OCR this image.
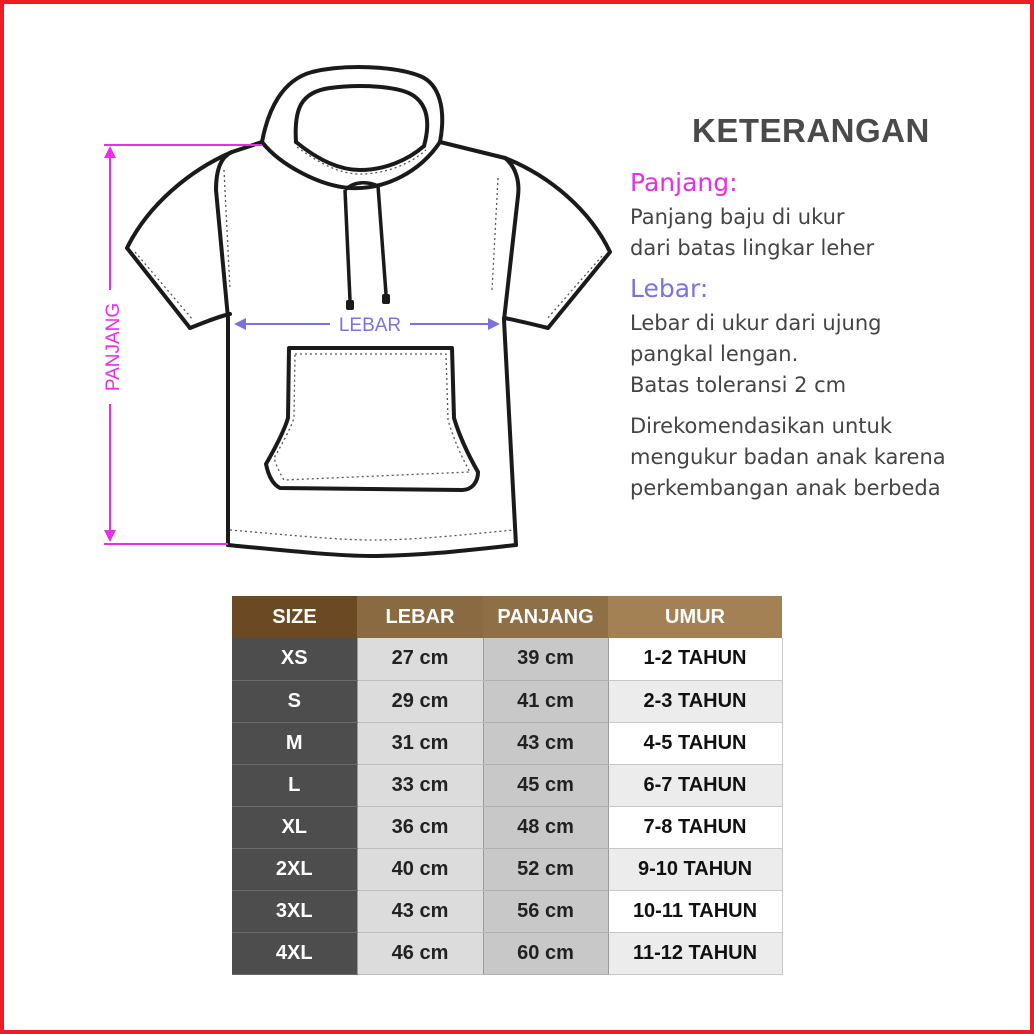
LEBAR
PANJANG
KETERANGAN
Panjang:
Panjang baju di ukur
dari batas lingkar leher
Lebar:
Lebar di ukur dari ujung
pangkal lengan.
Batas toleransi 2 cm
Direkomendasikan untuk
mengukur badan anak karena
perkembangan anak berbeda
SIZE	LEBAR	PANJANG	UMUR
XS	27 cm	39 cm	1-2 TAHUN
S	29 cm	41 cm	2-3 TAHUN
M	31 cm	43 cm	4-5 TAHUN
L	33 cm	45 cm	6-7 TAHUN
XL	36 cm	48 cm	7-8 TAHUN
2XL	40 cm	52 cm	9-10 TAHUN
3XL	43 cm	56 cm	10-11 TAHUN
4XL	46 cm	60 cm	11-12 TAHUN
